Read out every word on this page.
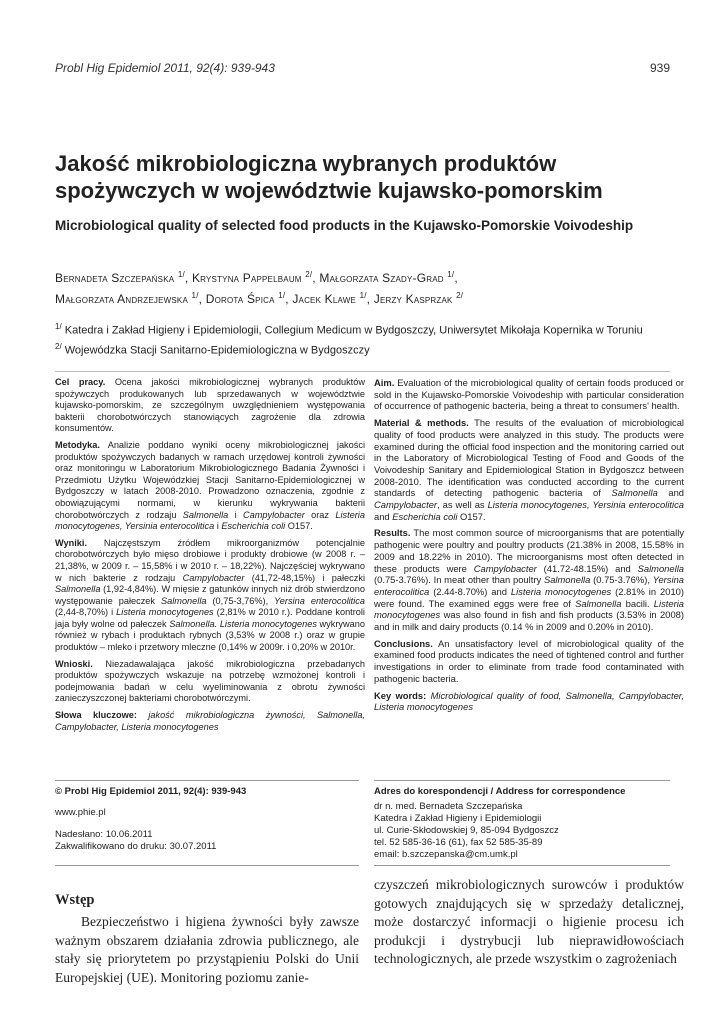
Probl Hig Epidemiol 2011, 92(4): 939-943	939
Jakość mikrobiologiczna wybranych produktów spożywczych w województwie kujawsko-pomorskim
Microbiological quality of selected food products in the Kujawsko-Pomorskie Voivodeship
Bernadeta Szczepańska $^{1/}$, Krystyna Pappelbaum $^{2/}$, Małgorzata Szady-Grad $^{1/}$,
Małgorzata Andrzejewska $^{1/}$, Dorota Śpica $^{1/}$, Jacek Klawe $^{1/}$, Jerzy Kasprzak $^{2/}$
$^{1/}$ Katedra i Zakład Higieny i Epidemiologii, Collegium Medicum w Bydgoszczy, Uniwersytet Mikołaja Kopernika w Toruniu
$^{2/}$ Wojewódzka Stacji Sanitarno-Epidemiologiczna w Bydgoszczy

Cel pracy. Ocena jakości mikrobiologicznej wybranych produktów spożywczych produkowanych lub sprzedawanych w województwie kujawsko-pomorskim, ze szczególnym uwzględnieniem występowania bakterii chorobotwórczych stanowiących zagrożenie dla zdrowia konsumentów.

Metodyka. Analizie poddano wyniki oceny mikrobiologicznej jakości produktów spożywczych badanych w ramach urzędowej kontroli żywności oraz monitoringu w Laboratorium Mikrobiologicznego Badania Żywności i Przedmiotu Użytku Wojewódzkiej Stacji Sanitarno-Epidemiologicznej w Bydgoszczy w latach 2008-2010. Prowadzono oznaczenia, zgodnie z obowiązującymi normami, w kierunku wykrywania bakterii chorobotwórczych z rodzaju Salmonella i Campylobacter oraz Listeria monocytogenes, Yersinia enterocolitica i Escherichia coli O157.

Wyniki. Najczęstszym źródłem mikroorganizmów potencjalnie chorobotwórczych było mięso drobiowe i produkty drobiowe (w 2008 r. – 21,38%, w 2009 r. – 15,58% i w 2010 r. – 18,22%). Najczęściej wykrywano w nich bakterie z rodzaju Campylobacter (41,72-48,15%) i pałeczki Salmonella (1,92-4,84%). W mięsie z gatunków innych niż drób stwierdzono występowanie pałeczek Salmonella (0,75-3,76%), Yersina enterocolitica (2,44-8,70%) i Listeria monocytogenes (2,81% w 2010 r.). Poddane kontroli jaja były wolne od pałeczek Salmonella. Listeria monocytogenes wykrywano również w rybach i produktach rybnych (3,53% w 2008 r.) oraz w grupie produktów – mleko i przetwory mleczne (0,14% w 2009r. i 0,20% w 2010r.

Wnioski. Niezadawalająca jakość mikrobiologiczna przebadanych produktów spożywczych wskazuje na potrzebę wzmożonej kontroli i podejmowania badań w celu wyeliminowania z obrotu żywności zanieczyszczonej bakteriami chorobotwórczymi.

Słowa kluczowe: jakość mikrobiologiczna żywności, Salmonella, Campylobacter, Listeria monocytogenes

Aim. Evaluation of the microbiological quality of certain foods produced or sold in the Kujawsko-Pomorskie Voivodeship with particular consideration of occurrence of pathogenic bacteria, being a threat to consumers' health.

Material & methods. The results of the evaluation of microbiological quality of food products were analyzed in this study. The products were examined during the official food inspection and the monitoring carried out in the Laboratory of Microbiological Testing of Food and Goods of the Voivodeship Sanitary and Epidemiological Station in Bydgoszcz between 2008-2010. The identification was conducted according to the current standards of detecting pathogenic bacteria of Salmonella and Campylobacter, as well as Listeria monocytogenes, Yersinia enterocolitica and Escherichia coli O157.

Results. The most common source of microorganisms that are potentially pathogenic were poultry and poultry products (21.38% in 2008, 15.58% in 2009 and 18.22% in 2010). The microorganisms most often detected in these products were Campylobacter (41.72-48.15%) and Salmonella (0.75-3.76%). In meat other than poultry Salmonella (0.75-3.76%), Yersina enterocolitica (2.44-8.70%) and Listeria monocytogenes (2.81% in 2010) were found. The examined eggs were free of Salmonella bacili. Listeria monocytogenes was also found in fish and fish products (3.53% in 2008) and in milk and dairy products (0.14 % in 2009 and 0.20% in 2010).

Conclusions. An unsatisfactory level of microbiological quality of the examined food products indicates the need of tightened control and further investigations in order to eliminate from trade food contaminated with pathogenic bacteria.

Key words: Microbiological quality of food, Salmonella, Campylobacter, Listeria monocytogenes

© Probl Hig Epidemiol 2011, 92(4): 939-943
www.phie.pl
Nadesłano: 10.06.2011
Zakwalifikowano do druku: 30.07.2011
Adres do korespondencji / Address for correspondence
dr n. med. Bernadeta Szczepańska
Katedra i Zakład Higieny i Epidemiologii
ul. Curie-Skłodowskiej 9, 85-094 Bydgoszcz
tel. 52 585-36-16 (61), fax 52 585-35-89
email: b.szczepanska@cm.umk.pl
Wstęp

Bezpieczeństwo i higiena żywności były zawsze ważnym obszarem działania zdrowia publicznego, ale stały się priorytetem po przystąpieniu Polski do Unii Europejskiej (UE). Monitoring poziomu zanie-

czyszczeń mikrobiologicznych surowców i produktów gotowych znajdujących się w sprzedaży detalicznej, może dostarczyć informacji o higienie procesu ich produkcji i dystrybucji lub nieprawidłowościach technologicznych, ale przede wszystkim o zagrożeniach
